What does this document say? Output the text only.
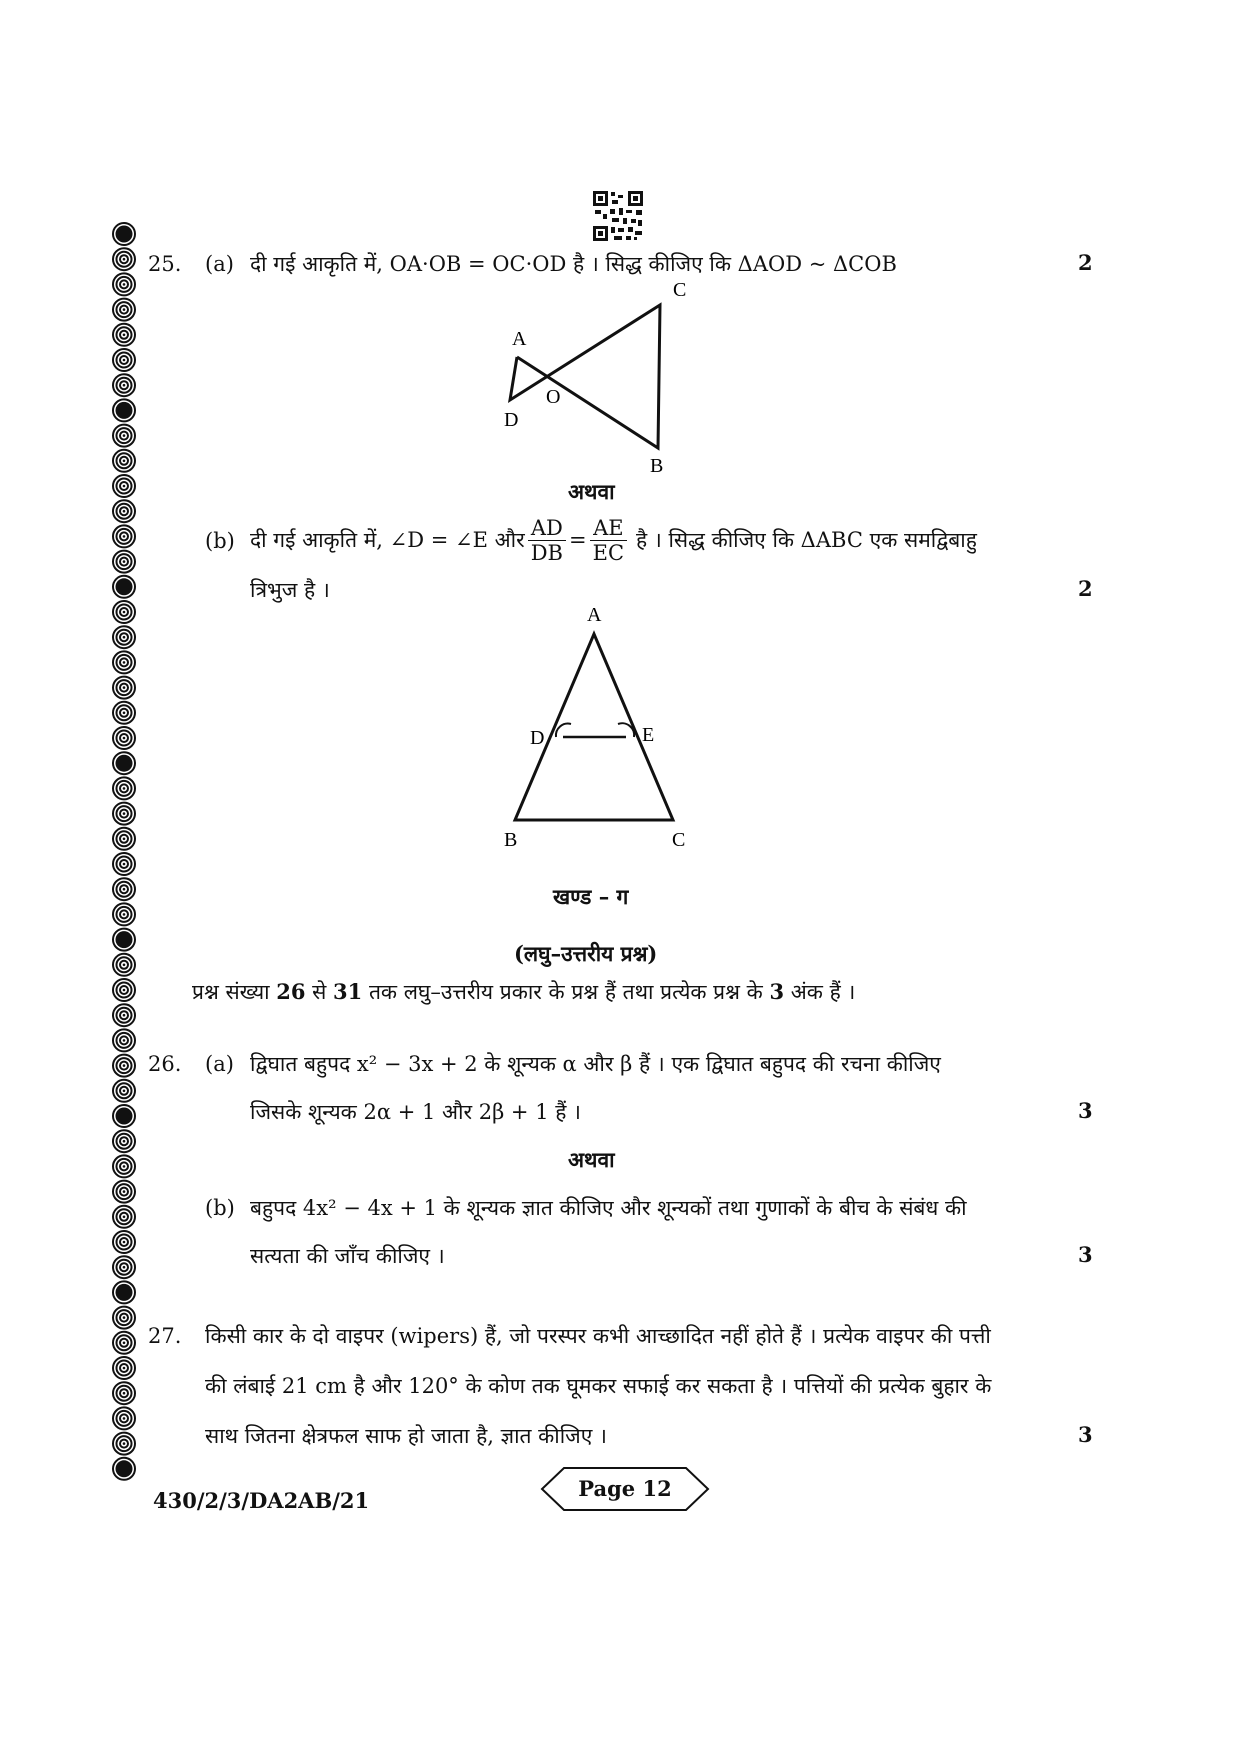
25. (a) दी गई आकृति में, OA·OB = OC·OD है । सिद्ध कीजिए कि ΔAOD ~ ΔCOB	2
A
D
O
C
B
अथवा
(b) दी गई आकृति में, ∠D = ∠E और $\frac{AD}{DB} = \frac{AE}{EC}$ है । सिद्ध कीजिए कि ΔABC एक समद्विबाहु
त्रिभुज है ।	2
A
D	E
B	C
खण्ड – ग
(लघु–उत्तरीय प्रश्न)
प्रश्न संख्या 26 से 31 तक लघु–उत्तरीय प्रकार के प्रश्न हैं तथा प्रत्येक प्रश्न के 3 अंक हैं ।
26. (a) द्विघात बहुपद x² − 3x + 2 के शून्यक α और β हैं । एक द्विघात बहुपद की रचना कीजिए
जिसके शून्यक 2α + 1 और 2β + 1 हैं ।	3
अथवा
(b) बहुपद 4x² − 4x + 1 के शून्यक ज्ञात कीजिए और शून्यकों तथा गुणाकों के बीच के संबंध की
सत्यता की जाँच कीजिए ।	3
27. किसी कार के दो वाइपर (wipers) हैं, जो परस्पर कभी आच्छादित नहीं होते हैं । प्रत्येक वाइपर की पत्ती
की लंबाई 21 cm है और 120° के कोण तक घूमकर सफाई कर सकता है । पत्तियों की प्रत्येक बुहार के
साथ जितना क्षेत्रफल साफ हो जाता है, ज्ञात कीजिए ।	3
430/2/3/DA2AB/21	Page 12
